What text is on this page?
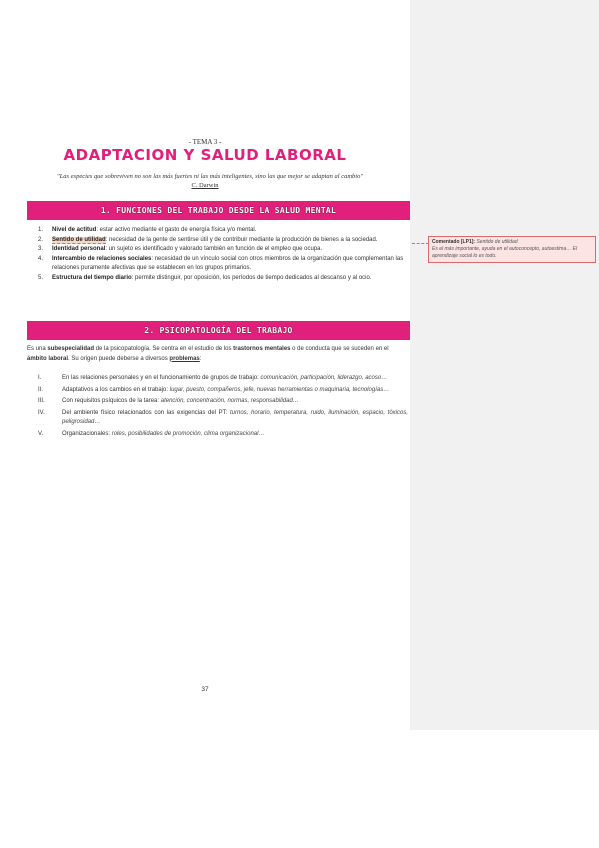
- TEMA 3 -
ADAPTACION Y SALUD LABORAL
"Las especies que sobreviven no son las más fuertes ni las más inteligentes, sino las que mejor se adaptan al cambio"
C. Darwin
1. FUNCIONES DEL TRABAJO DESDE LA SALUD MENTAL
1.	Nivel de actitud: estar activo mediante el gasto de energía física y/o mental.
2.	Sentido de utilidad: necesidad de la gente de sentirse útil y de contribuir mediante la producción de bienes a la sociedad.
3.	Identidad personal: un sujeto es identificado y valorado también en función de el empleo que ocupa.
4.	Intercambio de relaciones sociales: necesidad de un vínculo social con otros miembros de la organización que complementan las relaciones puramente afectivas que se establecen en los grupos primarios.
5.	Estructura del tiempo diario: permite distinguir, por oposición, los períodos de tiempo dedicados al descanso y al ocio.
2. PSICOPATOLOGÍA DEL TRABAJO
Es una subespecialidad de la psicopatología. Se centra en el estudio de los trastornos mentales o de conducta que se suceden en el ámbito laboral. Su origen puede deberse a diversos problemas:
I.	En las relaciones personales y en el funcionamiento de grupos de trabajo: comunicación, participación, liderazgo, acoso…
II.	Adaptativos a los cambios en el trabajo: lugar, puesto, compañeros, jefe, nuevas herramientas o maquinaria, tecnologías…
III.	Con requisitos psíquicos de la tarea: atención, concentración, normas, responsabilidad…
IV.	Del ambiente físico relacionados con las exigencias del PT: turnos, horario, temperatura, ruido, iluminación, espacio, tóxicos, peligrosidad…
V.	Organizacionales: roles, posibilidades de promoción, clima organizacional…
37
Comentado [LP1]: Sentido de utilidad
Es el más importante, ayuda en el autoconcepto, autoestima… El aprendizaje social lo es todo.
